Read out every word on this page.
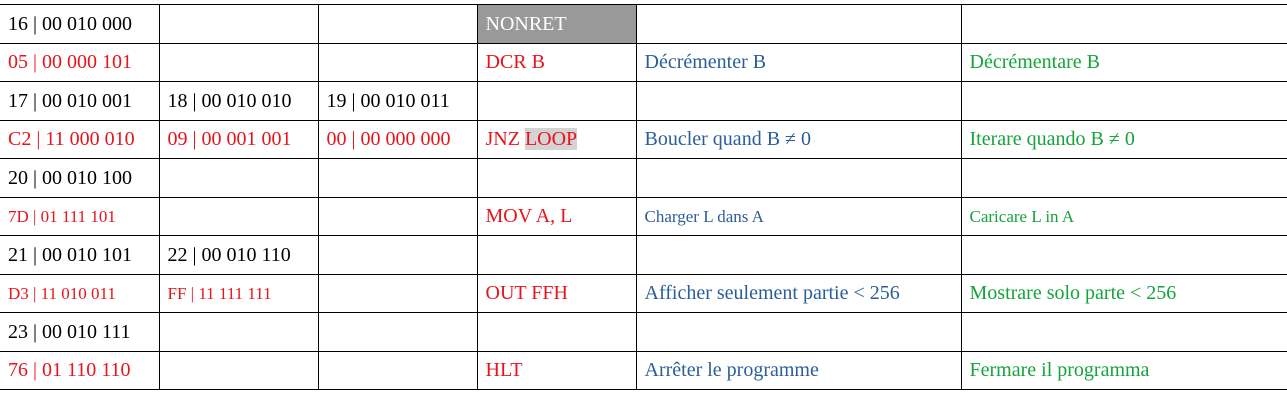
16 | 00 010 000			NONRET		
05 | 00 000 101			DCR B	Décrémenter B	Décrémentare B
17 | 00 010 001	18 | 00 010 010	19 | 00 010 011			
C2 | 11 000 010	09 | 00 001 001	00 | 00 000 000	JNZ LOOP	Boucler quand B ≠ 0	Iterare quando B ≠ 0
20 | 00 010 100					
7D | 01 111 101			MOV A, L	Charger L dans A	Caricare L in A
21 | 00 010 101	22 | 00 010 110				
D3 | 11 010 011	FF | 11 111 111		OUT FFH	Afficher seulement partie < 256	Mostrare solo parte < 256
23 | 00 010 111					
76 | 01 110 110			HLT	Arrêter le programme	Fermare il programma
